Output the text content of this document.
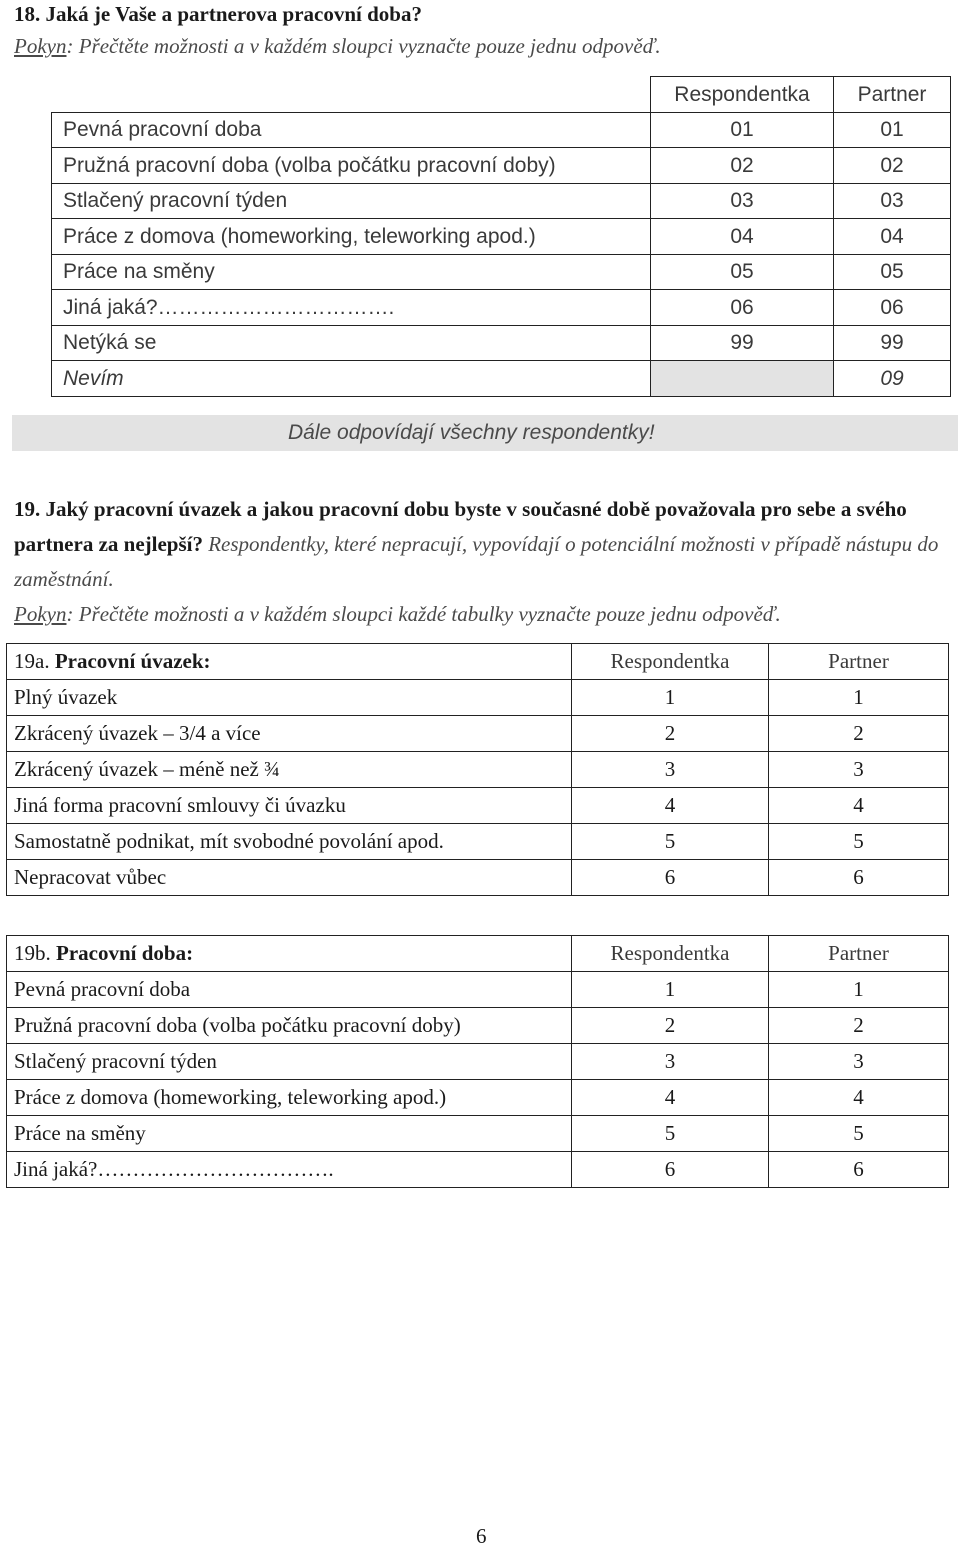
18. Jaká je Vaše a partnerova pracovní doba?
Pokyn: Přečtěte možnosti a v každém sloupci vyznačte pouze jednu odpověď.
	Respondentka	Partner
Pevná pracovní doba	01	01
Pružná pracovní doba (volba počátku pracovní doby)	02	02
Stlačený pracovní týden	03	03
Práce z domova (homeworking, teleworking apod.)	04	04
Práce na směny	05	05
Jiná jaká?…………………………….	06	06
Netýká se	99	99
Nevím		09
Dále odpovídají všechny respondentky!
19. Jaký pracovní úvazek a jakou pracovní dobu byste v současné době považovala pro sebe a svého partnera za nejlepší? Respondentky, které nepracují, vypovídají o potenciální možnosti v případě nástupu do zaměstnání.
Pokyn: Přečtěte možnosti a v každém sloupci každé tabulky vyznačte pouze jednu odpověď.
19a. Pracovní úvazek:	Respondentka	Partner
Plný úvazek	1	1
Zkrácený úvazek – 3/4 a více	2	2
Zkrácený úvazek – méně než ¾	3	3
Jiná forma pracovní smlouvy či úvazku	4	4
Samostatně podnikat, mít svobodné povolání apod.	5	5
Nepracovat vůbec	6	6
19b. Pracovní doba:	Respondentka	Partner
Pevná pracovní doba	1	1
Pružná pracovní doba (volba počátku pracovní doby)	2	2
Stlačený pracovní týden	3	3
Práce z domova (homeworking, teleworking apod.)	4	4
Práce na směny	5	5
Jiná jaká?…………………………….	6	6
6
